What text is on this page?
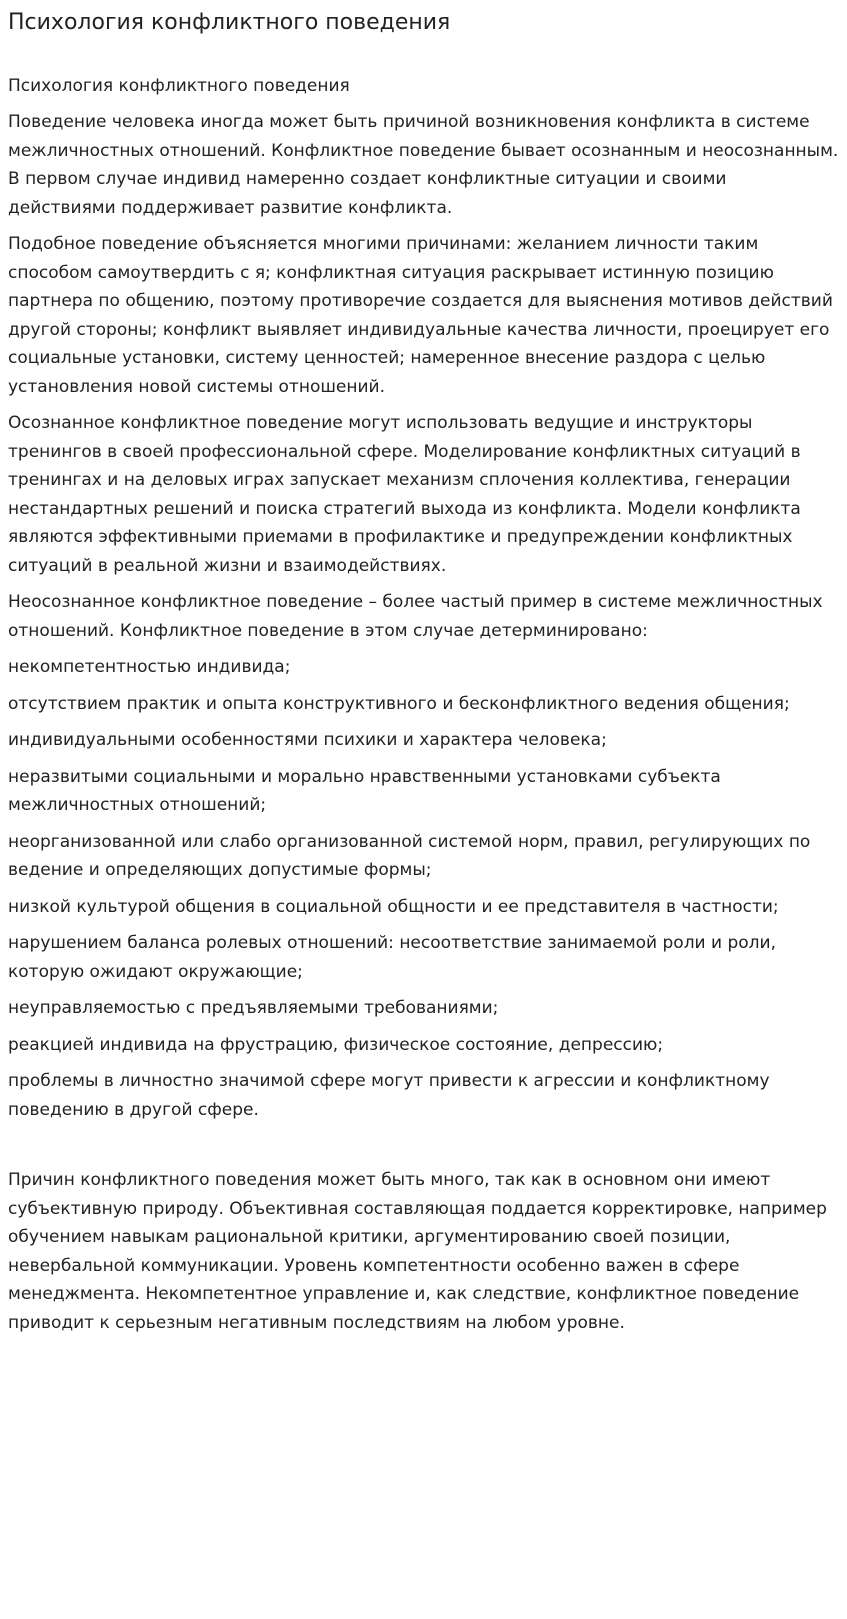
Психология конфликтного поведения

Психология конфликтного поведения

Поведение человека иногда может быть причиной возникновения конфликта в системе межличностных отношений. Конфликтное поведение бывает осознанным и неосознанным. В первом случае индивид намеренно создает конфликтные ситуации и своими действиями поддерживает развитие конфликта.

Подобное поведение объясняется многими причинами: желанием личности таким способом самоутвердить с я; конфликтная ситуация раскрывает истинную позицию партнера по общению, поэтому противоречие создается для выяснения мотивов действий другой стороны; конфликт выявляет индивидуальные качества личности, проецирует его социальные установки, систему ценностей; намеренное внесение раздора с целью установления новой системы отношений.

Осознанное конфликтное поведение могут использовать ведущие и инструкторы тренингов в своей профессиональной сфере. Моделирование конфликтных ситуаций в тренингах и на деловых играх запускает механизм сплочения коллектива, генерации нестандартных решений и поиска стратегий выхода из конфликта. Модели конфликта являются эффективными приемами в профилактике и предупреждении конфликтных ситуаций в реальной жизни и взаимодействиях.

Неосознанное конфликтное поведение – более частый пример в системе межличностных отношений. Конфликтное поведение в этом случае детерминировано:

некомпетентностью индивида;

отсутствием практик и опыта конструктивного и бесконфликтного ведения общения;

индивидуальными особенностями психики и характера человека;

неразвитыми социальными и морально нравственными установками субъекта межличностных отношений;

неорганизованной или слабо организованной системой норм, правил, регулирующих по ведение и определяющих допустимые формы;

низкой культурой общения в социальной общности и ее представителя в частности;

нарушением баланса ролевых отношений: несоответствие занимаемой роли и роли, которую ожидают окружающие;

неуправляемостью с предъявляемыми требованиями;

реакцией индивида на фрустрацию, физическое состояние, депрессию;

проблемы в личностно значимой сфере могут привести к агрессии и конфликтному поведению в другой сфере.

Причин конфликтного поведения может быть много, так как в основном они имеют субъективную природу. Объективная составляющая поддается корректировке, например обучением навыкам рациональной критики, аргументированию своей позиции, невербальной коммуникации. Уровень компетентности особенно важен в сфере менеджмента. Некомпетентное управление и, как следствие, конфликтное поведение приводит к серьезным негативным последствиям на любом уровне.
